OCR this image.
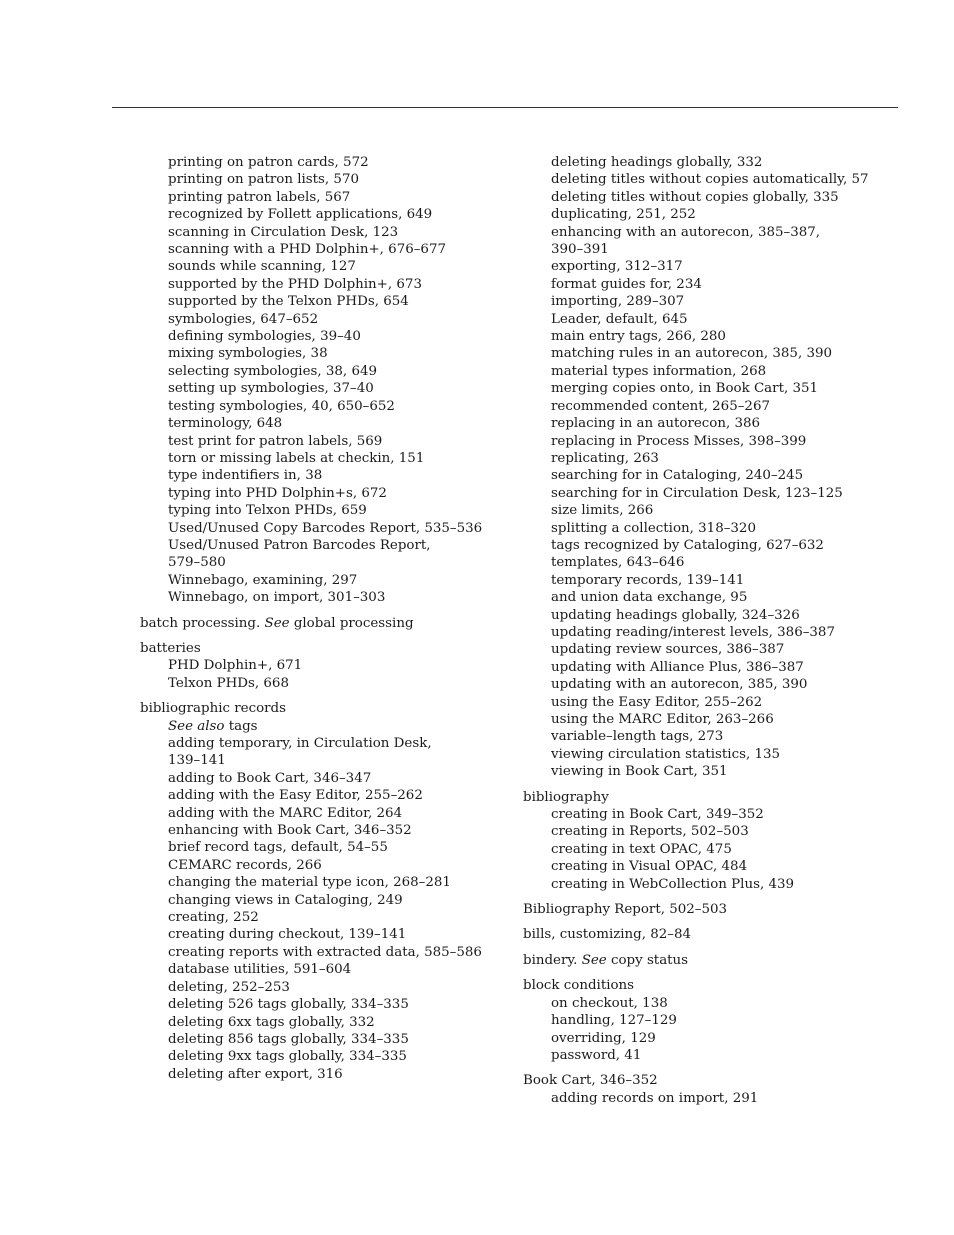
printing on patron cards, 572
printing on patron lists, 570
printing patron labels, 567
recognized by Follett applications, 649
scanning in Circulation Desk, 123
scanning with a PHD Dolphin+, 676–677
sounds while scanning, 127
supported by the PHD Dolphin+, 673
supported by the Telxon PHDs, 654
symbologies, 647–652
defining symbologies, 39–40
mixing symbologies, 38
selecting symbologies, 38, 649
setting up symbologies, 37–40
testing symbologies, 40, 650–652
terminology, 648
test print for patron labels, 569
torn or missing labels at checkin, 151
type indentifiers in, 38
typing into PHD Dolphin+s, 672
typing into Telxon PHDs, 659
Used/Unused Copy Barcodes Report, 535–536
Used/Unused Patron Barcodes Report,
579–580
Winnebago, examining, 297
Winnebago, on import, 301–303
batch processing. See global processing
batteries
PHD Dolphin+, 671
Telxon PHDs, 668
bibliographic records
See also tags
adding temporary, in Circulation Desk,
139–141
adding to Book Cart, 346–347
adding with the Easy Editor, 255–262
adding with the MARC Editor, 264
enhancing with Book Cart, 346–352
brief record tags, default, 54–55
CEMARC records, 266
changing the material type icon, 268–281
changing views in Cataloging, 249
creating, 252
creating during checkout, 139–141
creating reports with extracted data, 585–586
database utilities, 591–604
deleting, 252–253
deleting 526 tags globally, 334–335
deleting 6xx tags globally, 332
deleting 856 tags globally, 334–335
deleting 9xx tags globally, 334–335
deleting after export, 316
deleting headings globally, 332
deleting titles without copies automatically, 57
deleting titles without copies globally, 335
duplicating, 251, 252
enhancing with an autorecon, 385–387,
390–391
exporting, 312–317
format guides for, 234
importing, 289–307
Leader, default, 645
main entry tags, 266, 280
matching rules in an autorecon, 385, 390
material types information, 268
merging copies onto, in Book Cart, 351
recommended content, 265–267
replacing in an autorecon, 386
replacing in Process Misses, 398–399
replicating, 263
searching for in Cataloging, 240–245
searching for in Circulation Desk, 123–125
size limits, 266
splitting a collection, 318–320
tags recognized by Cataloging, 627–632
templates, 643–646
temporary records, 139–141
and union data exchange, 95
updating headings globally, 324–326
updating reading/interest levels, 386–387
updating review sources, 386–387
updating with Alliance Plus, 386–387
updating with an autorecon, 385, 390
using the Easy Editor, 255–262
using the MARC Editor, 263–266
variable–length tags, 273
viewing circulation statistics, 135
viewing in Book Cart, 351
bibliography
creating in Book Cart, 349–352
creating in Reports, 502–503
creating in text OPAC, 475
creating in Visual OPAC, 484
creating in WebCollection Plus, 439
Bibliography Report, 502–503
bills, customizing, 82–84
bindery. See copy status
block conditions
on checkout, 138
handling, 127–129
overriding, 129
password, 41
Book Cart, 346–352
adding records on import, 291
